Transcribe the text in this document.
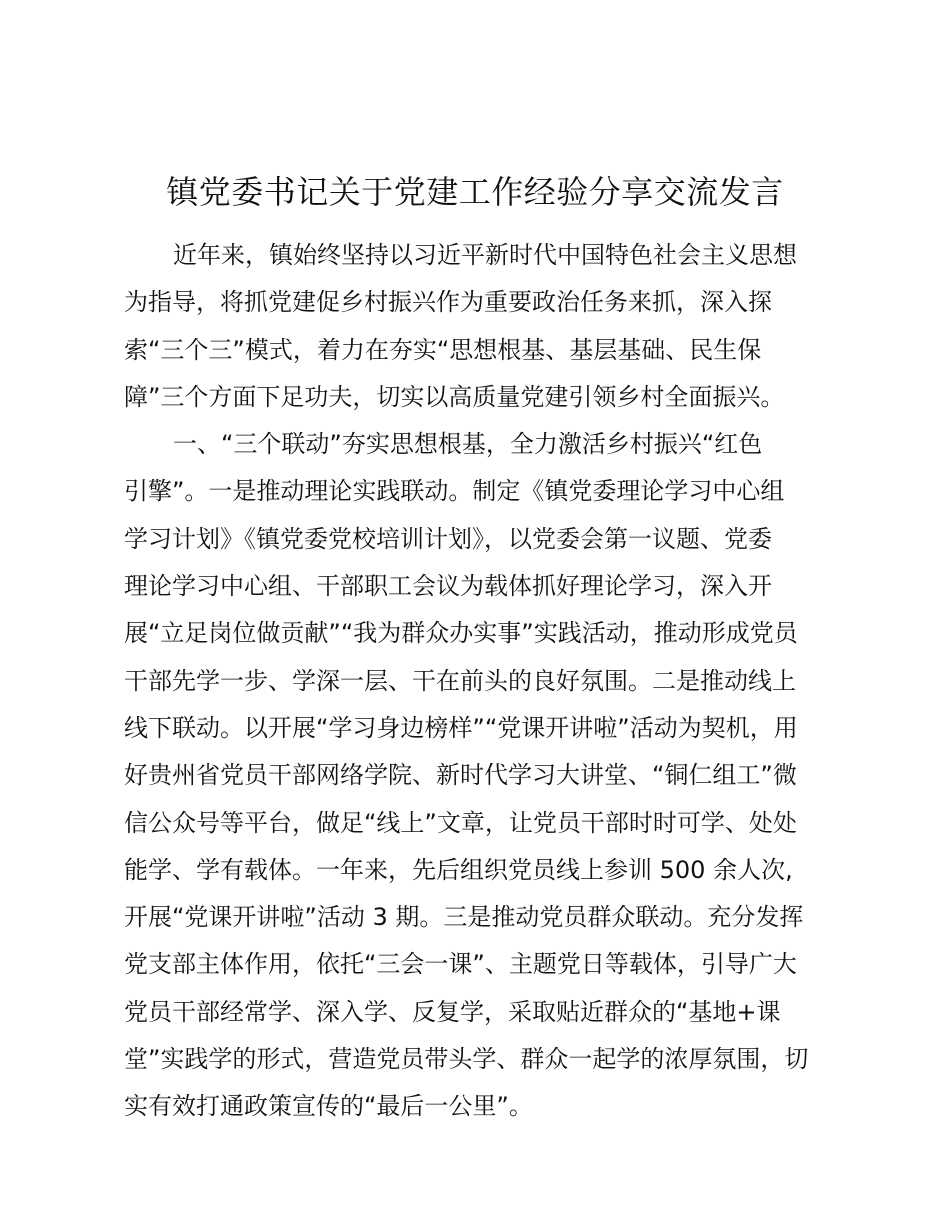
镇党委书记关于党建工作经验分享交流发言
近年来，镇始终坚持以习近平新时代中国特色社会主义思想
为指导，将抓党建促乡村振兴作为重要政治任务来抓，深入探
索“三个三”模式，着力在夯实“思想根基、基层基础、民生保
障”三个方面下足功夫，切实以高质量党建引领乡村全面振兴。
一、“三个联动”夯实思想根基，全力激活乡村振兴“红色
引擎”。一是推动理论实践联动。制定《镇党委理论学习中心组
学习计划》《镇党委党校培训计划》，以党委会第一议题、党委
理论学习中心组、干部职工会议为载体抓好理论学习，深入开
展“立足岗位做贡献”“我为群众办实事”实践活动，推动形成党员
干部先学一步、学深一层、干在前头的良好氛围。二是推动线上
线下联动。以开展“学习身边榜样”“党课开讲啦”活动为契机，用
好贵州省党员干部网络学院、新时代学习大讲堂、“铜仁组工”微
信公众号等平台，做足“线上”文章，让党员干部时时可学、处处
能学、学有载体。一年来，先后组织党员线上参训 500 余人次,
开展“党课开讲啦”活动 3 期。三是推动党员群众联动。充分发挥
党支部主体作用，依托“三会一课”、主题党日等载体，引导广大
党员干部经常学、深入学、反复学，采取贴近群众的“基地+课
堂”实践学的形式，营造党员带头学、群众一起学的浓厚氛围，切
实有效打通政策宣传的“最后一公里”。
